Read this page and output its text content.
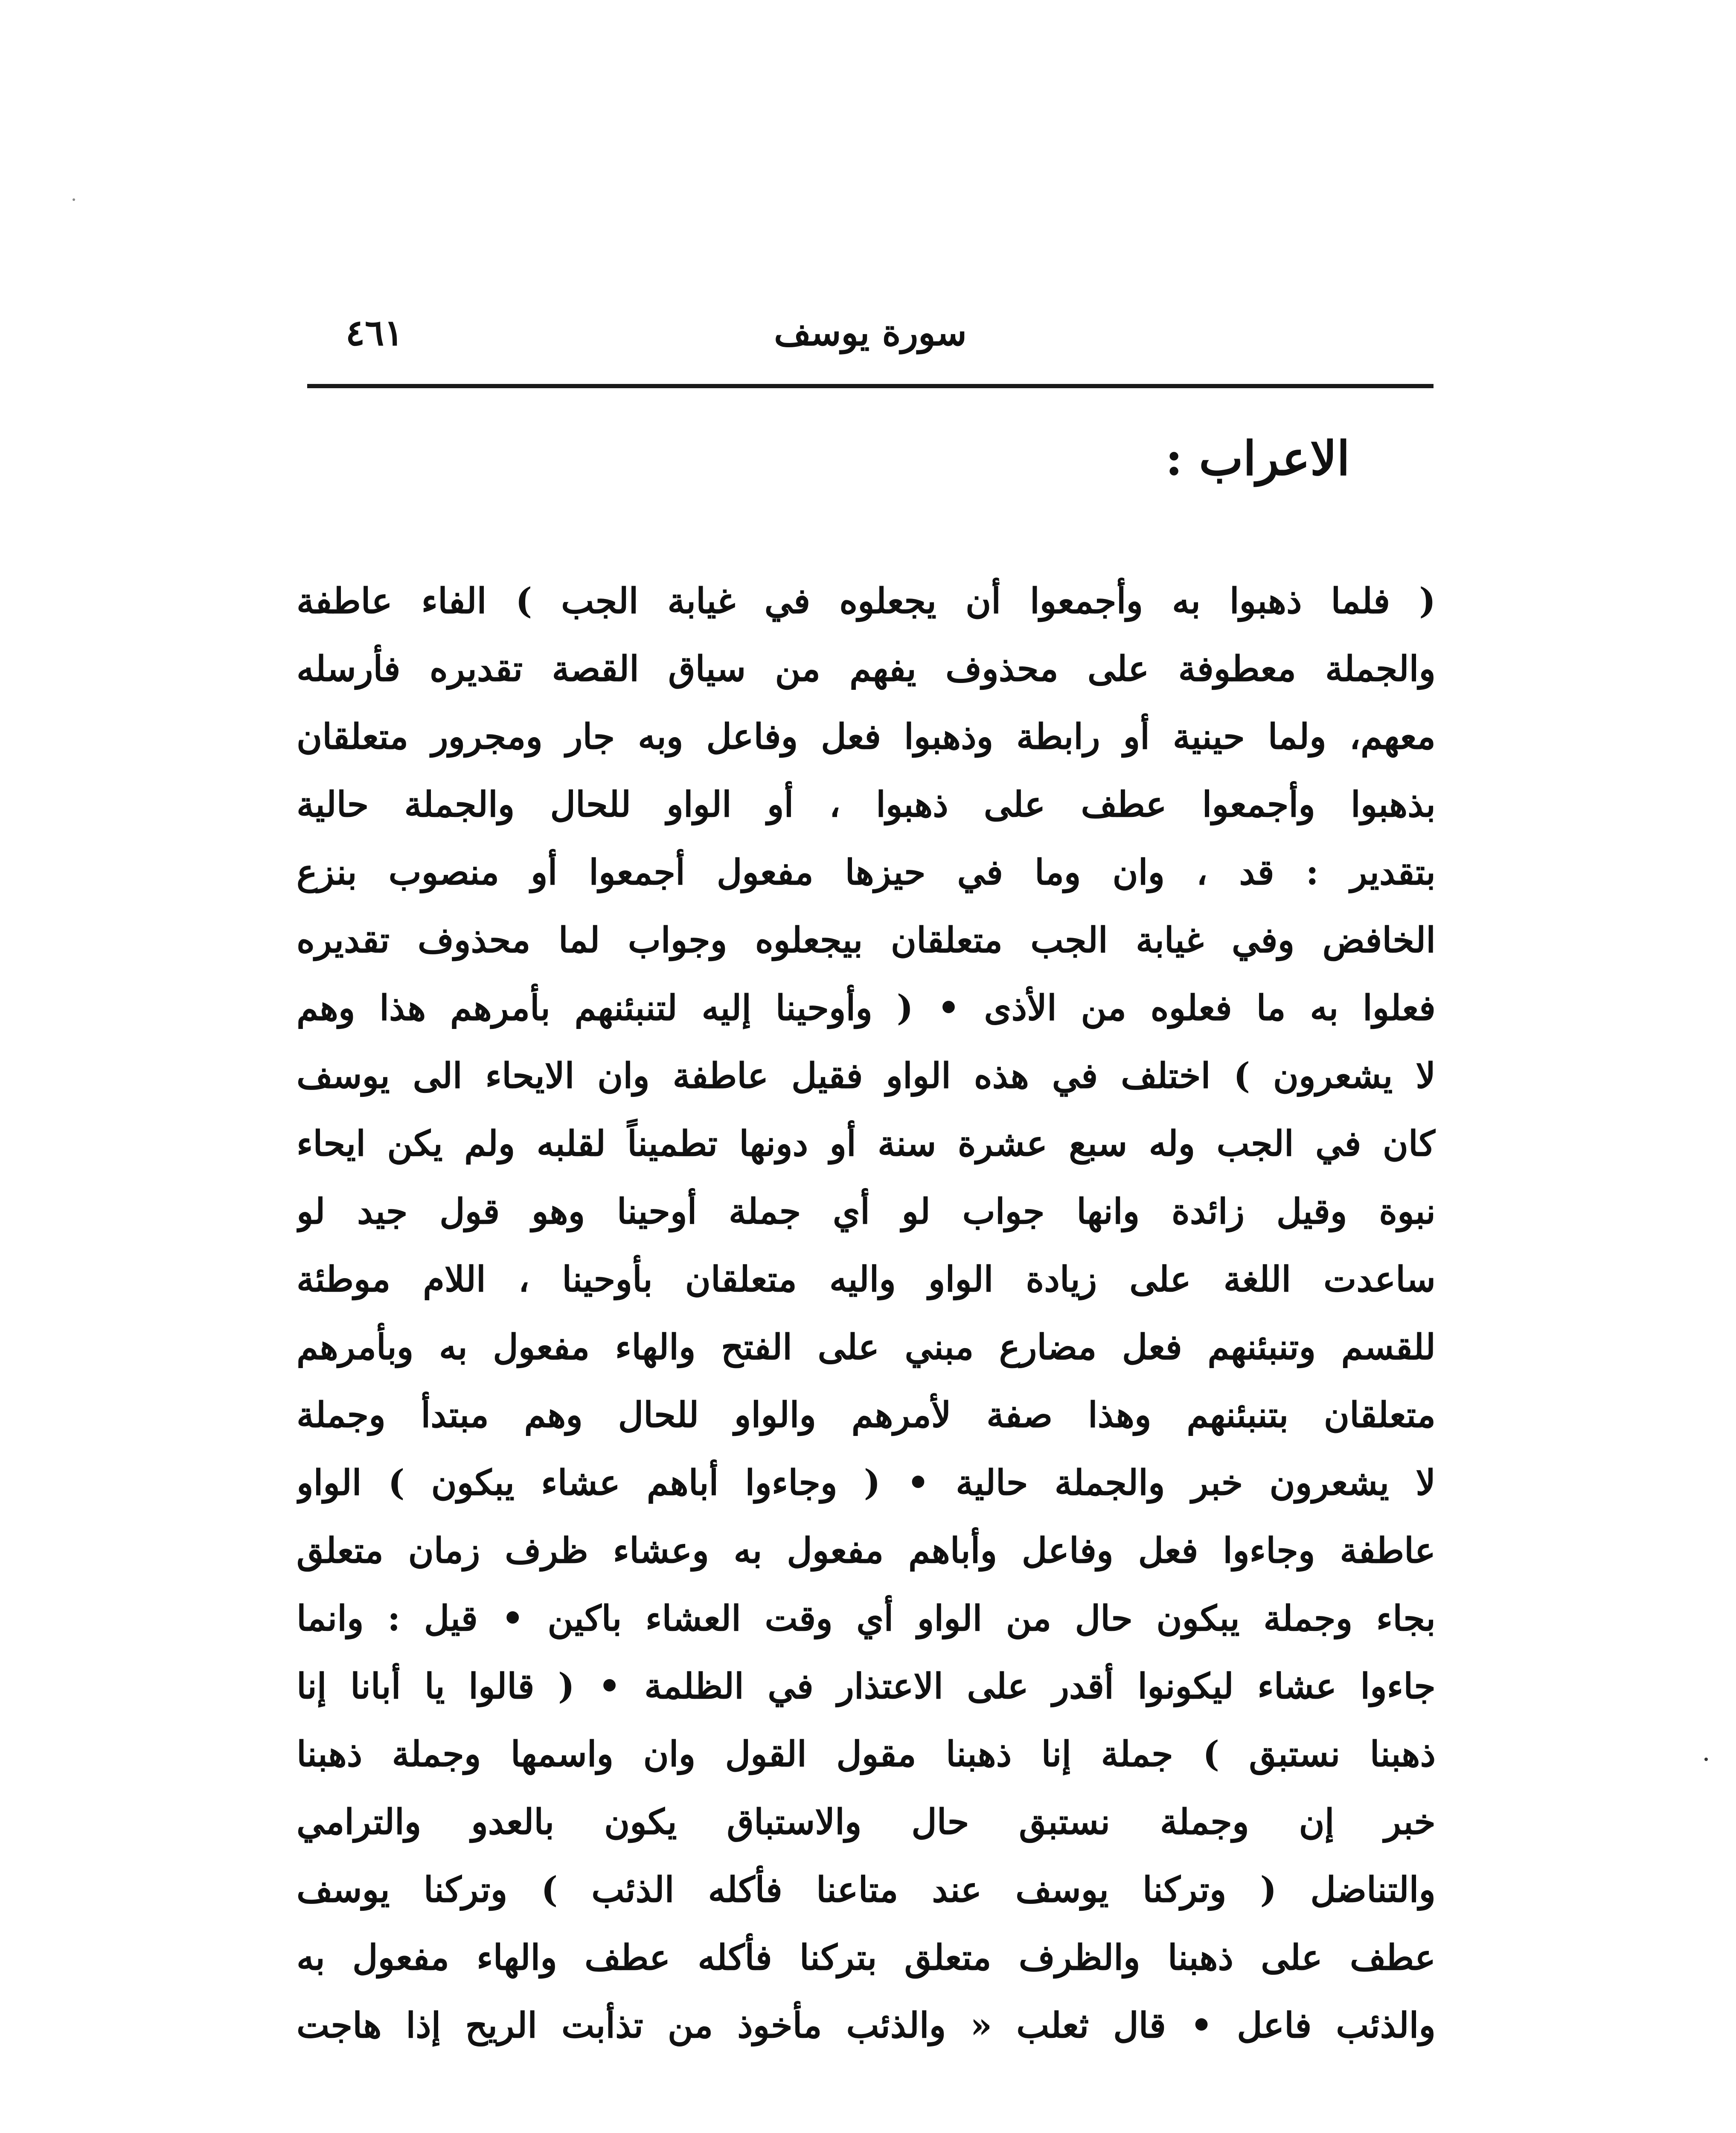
سورة يوسف
٤٦١
الاعراب :
( فلما ذهبوا به وأجمعوا أن يجعلوه في غيابة الجب ) الفاء عاطفة
والجملة معطوفة على محذوف يفهم من سياق القصة تقديره فأرسله
معهم، ولما حينية أو رابطة وذهبوا فعل وفاعل وبه جار ومجرور متعلقان
بذهبوا وأجمعوا عطف على ذهبوا ، أو الواو للحال والجملة حالية
بتقدير : قد ، وان وما في حيزها مفعول أجمعوا أو منصوب بنزع
الخافض وفي غيابة الجب متعلقان بيجعلوه وجواب لما محذوف تقديره
فعلوا به ما فعلوه من الأذى • ( وأوحينا إليه لتنبئنهم بأمرهم هذا وهم
لا يشعرون ) اختلف في هذه الواو فقيل عاطفة وان الايحاء الى يوسف
كان في الجب وله سبع عشرة سنة أو دونها تطميناً لقلبه ولم يكن ايحاء
نبوة وقيل زائدة وانها جواب لو أي جملة أوحينا وهو قول جيد لو
ساعدت اللغة على زيادة الواو واليه متعلقان بأوحينا ، اللام موطئة
للقسم وتنبئنهم فعل مضارع مبني على الفتح والهاء مفعول به وبأمرهم
متعلقان بتنبئنهم وهذا صفة لأمرهم والواو للحال وهم مبتدأ وجملة
لا يشعرون خبر والجملة حالية • ( وجاءوا أباهم عشاء يبكون ) الواو
عاطفة وجاءوا فعل وفاعل وأباهم مفعول به وعشاء ظرف زمان متعلق
بجاء وجملة يبكون حال من الواو أي وقت العشاء باكين • قيل : وانما
جاءوا عشاء ليكونوا أقدر على الاعتذار في الظلمة • ( قالوا يا أبانا إنا
ذهبنا نستبق ) جملة إنا ذهبنا مقول القول وان واسمها وجملة ذهبنا
خبر إن وجملة نستبق حال والاستباق يكون بالعدو والترامي
والتناضل ( وتركنا يوسف عند متاعنا فأكله الذئب ) وتركنا يوسف
عطف على ذهبنا والظرف متعلق بتركنا فأكله عطف والهاء مفعول به
والذئب فاعل • قال ثعلب « والذئب مأخوذ من تذأبت الريح إذا هاجت
